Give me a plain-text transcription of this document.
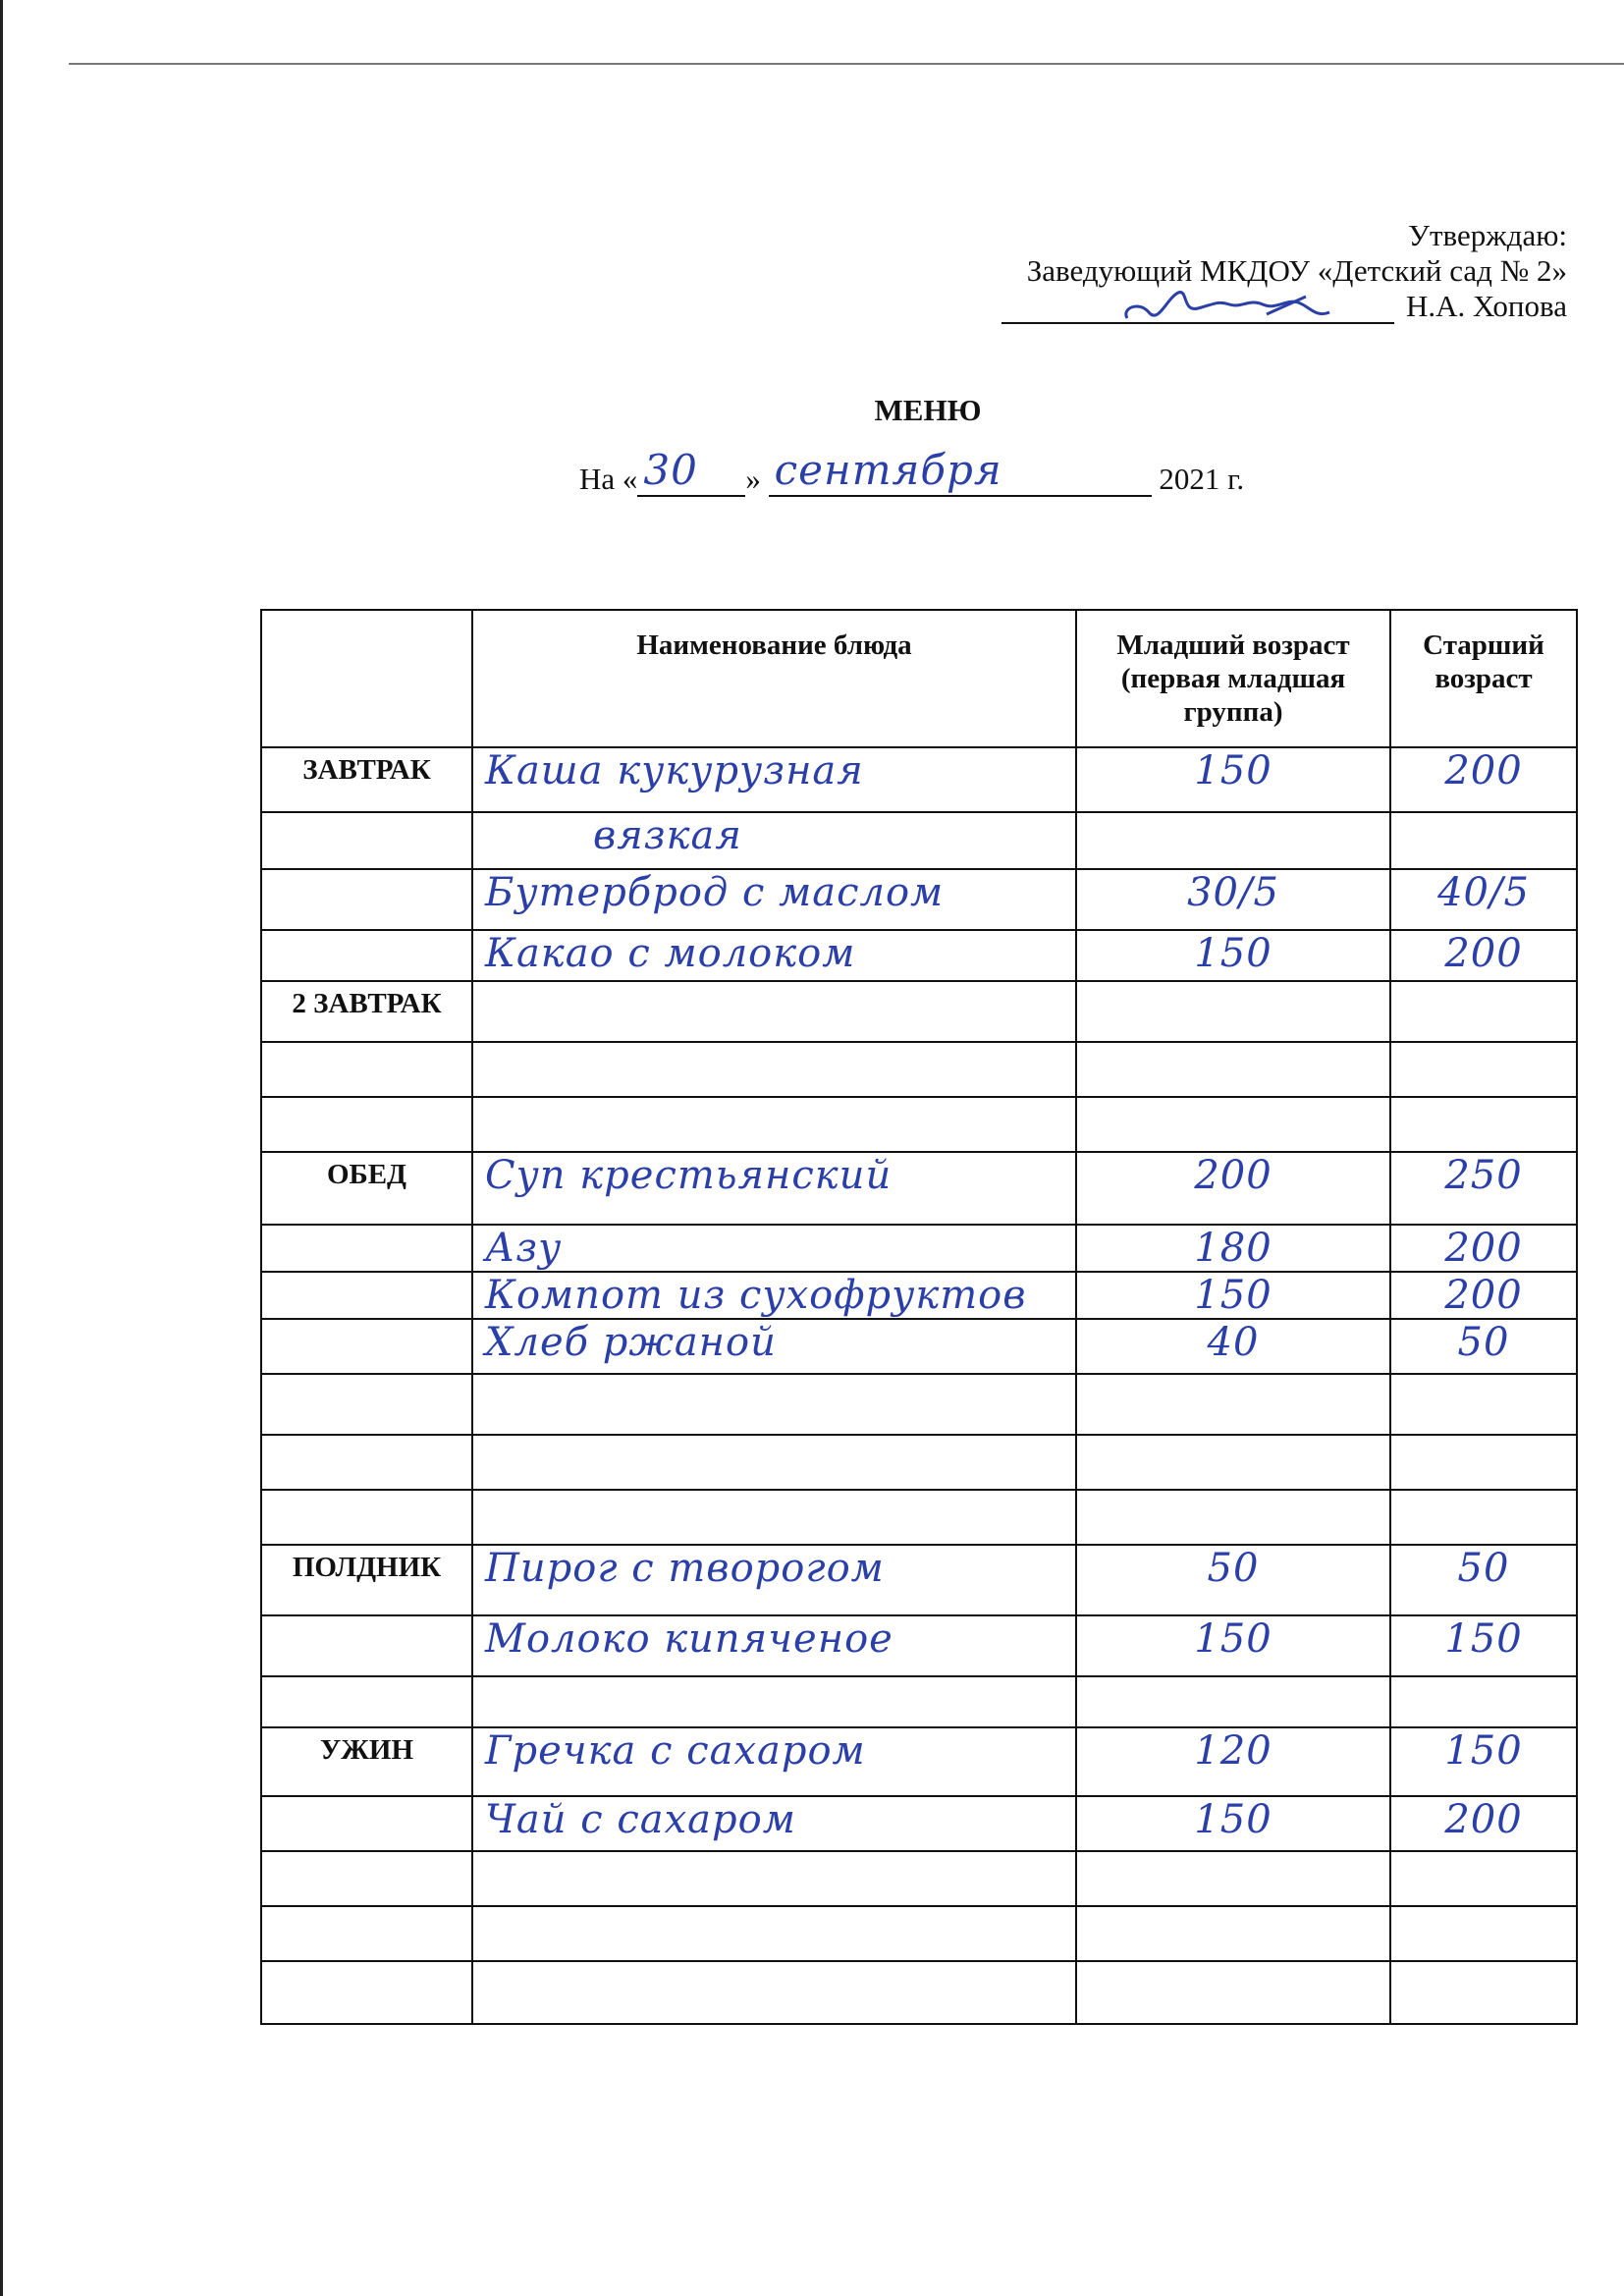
Утверждаю:
Заведующий МКДОУ «Детский сад № 2»
Н.А. Хопова
МЕНЮ
На « 30 » сентября	2021 г.
	Наименование блюда	Младший возраст (первая младшая группа)	Старший возраст
ЗАВТРАК	Каша кукурузная	150	200

	вязкая		

	Бутерброд с маслом	30/5	40/5

	Какао с молоком	150	200

2 ЗАВТРАК	

ОБЕД	Суп крестьянский	200	250

	Азу	180	200

	Компот из сухофруктов	150	200

	Хлеб ржаной	40	50

ПОЛДНИК	Пирог с творогом	50	50

	Молоко кипяченое	150	150

УЖИН	Гречка с сахаром	120	150

	Чай с сахаром	150	200
